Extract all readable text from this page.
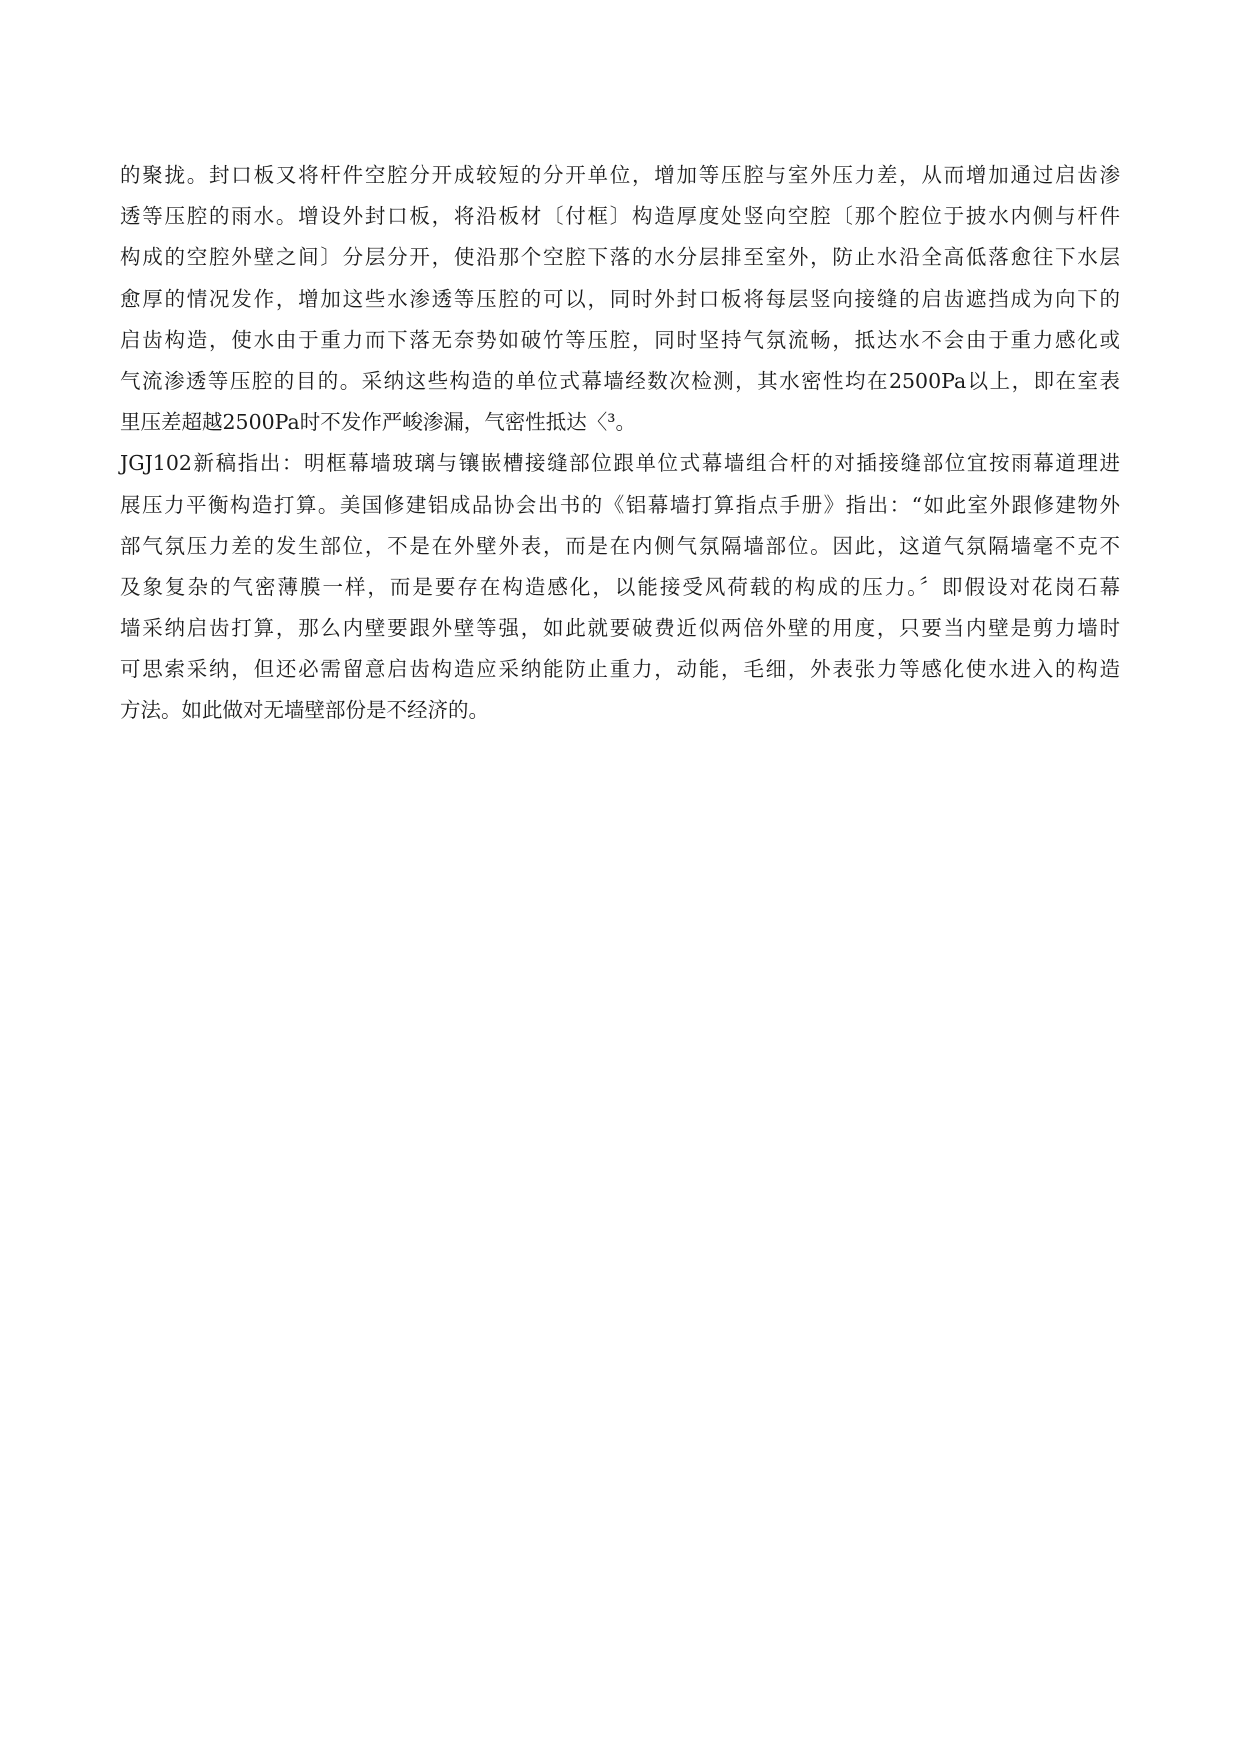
的聚拢。封口板又将杆件空腔分开成较短的分开单位，增加等压腔与室外压力差，从而增加通过启齿渗
透等压腔的雨水。增设外封口板，将沿板材〔付框〕构造厚度处竖向空腔〔那个腔位于披水内侧与杆件
构成的空腔外壁之间〕分层分开，使沿那个空腔下落的水分层排至室外，防止水沿全高低落愈往下水层
愈厚的情况发作，增加这些水渗透等压腔的可以，同时外封口板将每层竖向接缝的启齿遮挡成为向下的
启齿构造，使水由于重力而下落无奈势如破竹等压腔，同时坚持气氛流畅，抵达水不会由于重力感化或
气流渗透等压腔的目的。采纳这些构造的单位式幕墙经数次检测，其水密性均在2500Pa以上，即在室表
里压差超越2500Pa时不发作严峻渗漏，气密性抵达〈³。
JGJ102新稿指出：明框幕墙玻璃与镶嵌槽接缝部位跟单位式幕墙组合杆的对插接缝部位宜按雨幕道理进
展压力平衡构造打算。美国修建铝成品协会出书的《铝幕墙打算指点手册》指出：“如此室外跟修建物外
部气氛压力差的发生部位，不是在外壁外表，而是在内侧气氛隔墙部位。因此，这道气氛隔墙毫不克不
及象复杂的气密薄膜一样，而是要存在构造感化，以能接受风荷载的构成的压力。〞即假设对花岗石幕
墙采纳启齿打算，那么内壁要跟外壁等强，如此就要破费近似两倍外壁的用度，只要当内壁是剪力墙时
可思索采纳，但还必需留意启齿构造应采纳能防止重力，动能，毛细，外表张力等感化使水进入的构造
方法。如此做对无墙壁部份是不经济的。
